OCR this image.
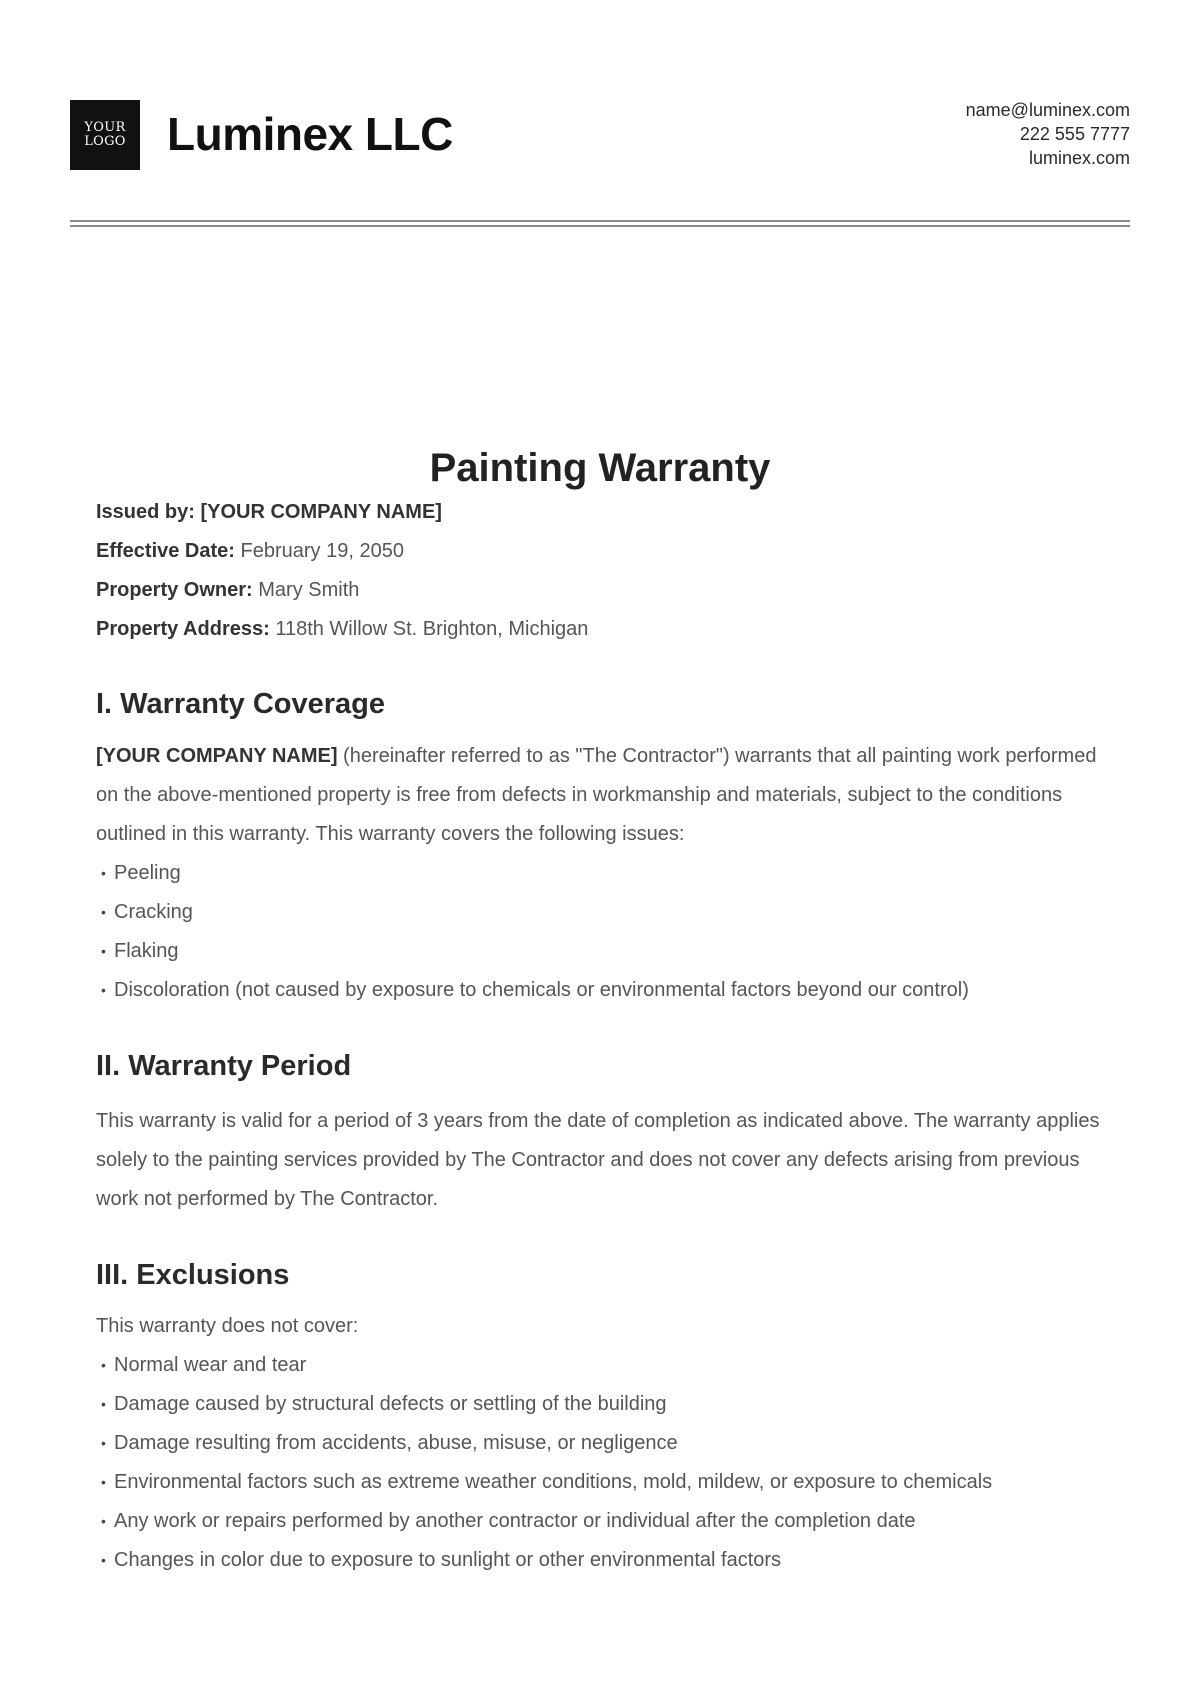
YOUR
LOGO Luminex LLC	name@luminex.com
222 555 7777
luminex.com
Painting Warranty

Issued by: [YOUR COMPANY NAME]

Effective Date: February 19, 2050

Property Owner: Mary Smith

Property Address: 118th Willow St. Brighton, Michigan

I. Warranty Coverage

[YOUR COMPANY NAME] (hereinafter referred to as "The Contractor") warrants that all painting work performed on the above-mentioned property is free from defects in workmanship and materials, subject to the conditions outlined in this warranty. This warranty covers the following issues:

• Peeling
• Cracking
• Flaking
• Discoloration (not caused by exposure to chemicals or environmental factors beyond our control)
II. Warranty Period

This warranty is valid for a period of 3 years from the date of completion as indicated above. The warranty applies solely to the painting services provided by The Contractor and does not cover any defects arising from previous work not performed by The Contractor.

III. Exclusions

This warranty does not cover:

• Normal wear and tear
• Damage caused by structural defects or settling of the building
• Damage resulting from accidents, abuse, misuse, or negligence
• Environmental factors such as extreme weather conditions, mold, mildew, or exposure to chemicals
• Any work or repairs performed by another contractor or individual after the completion date
• Changes in color due to exposure to sunlight or other environmental factors
